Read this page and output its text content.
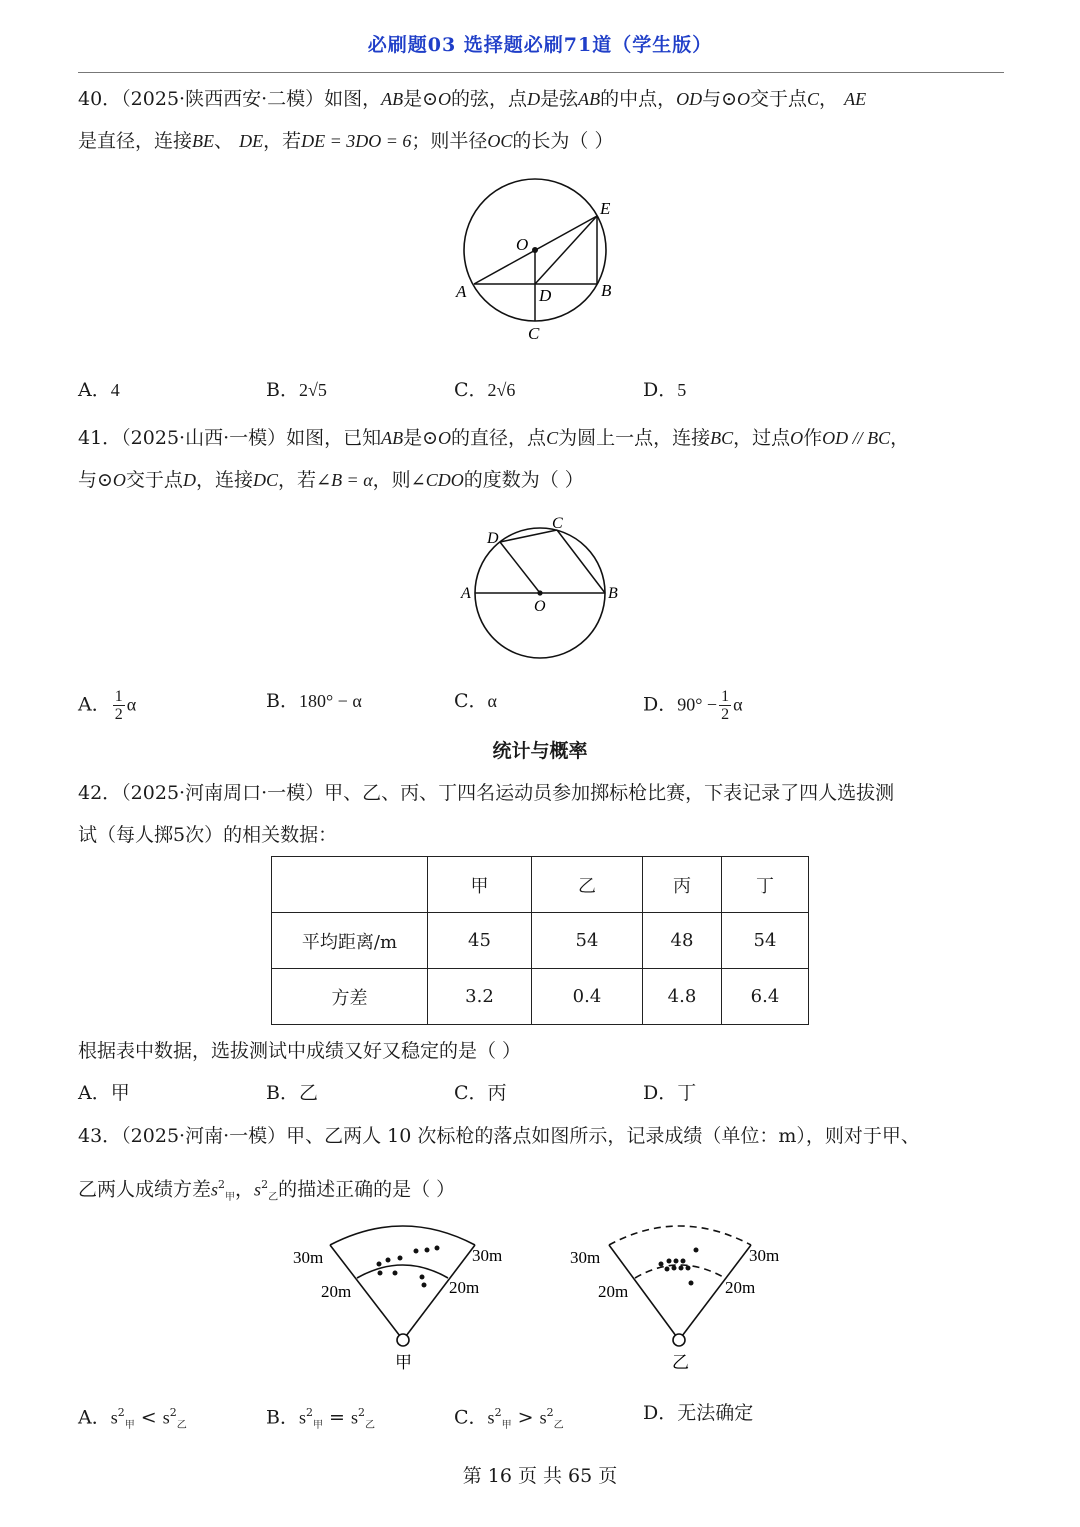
必刷题03 选择题必刷71道（学生版）
40．（2025·陕西西安·二模）如图，AB是⊙O的弦，点D是弦AB的中点，OD与⊙O交于点C， AE
是直径，连接BE、 DE，若DE = 3DO = 6；则半径OC的长为（ ）
E
O
A	D	B
C
A．4	B．2√5	C．2√6	D．5
41．（2025·山西·一模）如图，已知AB是⊙O的直径，点C为圆上一点，连接BC，过点O作OD // BC，
与⊙O交于点D，连接DC，若∠B = α，则∠CDO的度数为（ ）
C
D
A
O
B
A． $\frac{1}{2}$ α	B．180° − α	C．α	D．$90^\circ - \frac{1}{2}$ α
统计与概率
42．（2025·河南周口·一模）甲、乙、丙、丁四名运动员参加掷标枪比赛，下表记录了四人选拔测
试（每人掷5次）的相关数据：
	甲	乙	丙	丁
平均距离/m	45	54	48	54
方差	3.2	0.4	4.8	6.4
根据表中数据，选拔测试中成绩又好又稳定的是（ ）
A．甲	B．乙	C．丙	D．丁
43．（2025·河南·一模）甲、乙两人 10 次标枪的落点如图所示，记录成绩（单位：m），则对于甲、
乙两人成绩方差$s^2_甲$，$s^2_乙$的描述正确的是（ ）
30m	30m
20m	20m
甲
30m	30m
20m	20m
乙
A．$s^2_甲 < s^2_乙$	B．$s^2_甲 = s^2_乙$	C．$s^2_甲 > s^2_乙$
D．无法确定
第 16 页 共 65 页
